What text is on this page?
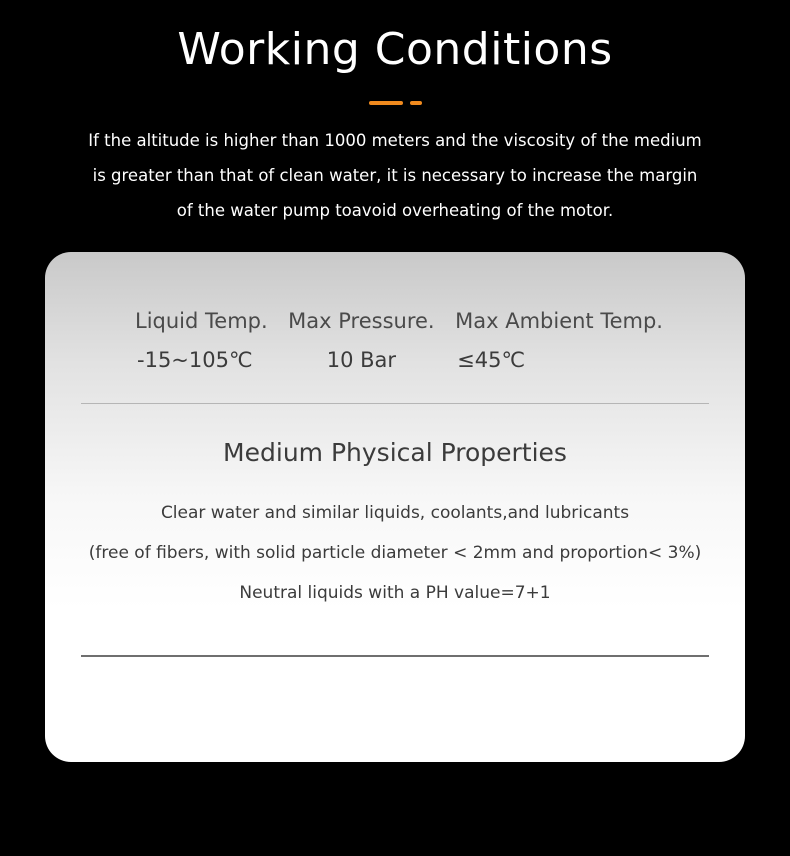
Working Conditions

If the altitude is higher than 1000 meters and the viscosity of the medium is greater than that of clean water, it is necessary to increase the margin of the water pump toavoid overheating of the motor.

Liquid Temp.
-15~105℃
Max Pressure.
10 Bar
Max Ambient Temp.
≤45℃
Medium Physical Properties
Clear water and similar liquids, coolants,and lubricants
(free of fibers, with solid particle diameter < 2mm and proportion< 3%)
Neutral liquids with a PH value=7+1
